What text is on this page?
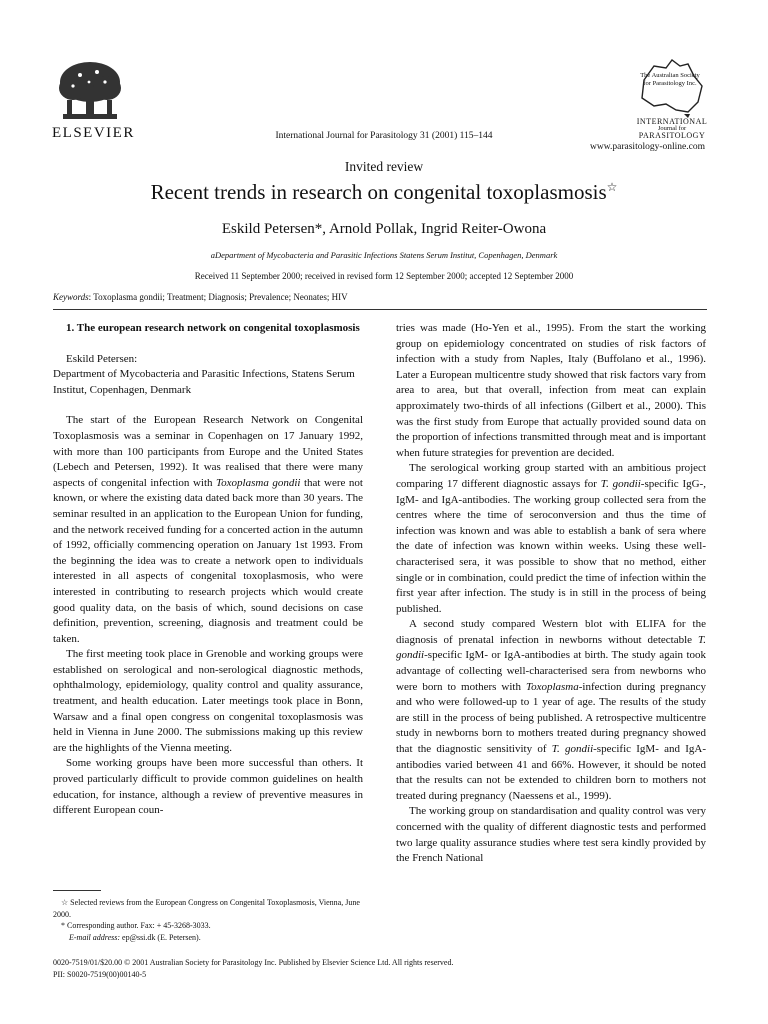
ELSEVIER	International Journal for Parasitology 31 (2001) 115–144
The Australian Society for Parasitology Inc.
INTERNATIONAL
Journal for
PARASITOLOGY
www.parasitology-online.com
Invited review
Recent trends in research on congenital toxoplasmosis☆
Eskild Petersen*, Arnold Pollak, Ingrid Reiter-Owona
aDepartment of Mycobacteria and Parasitic Infections Statens Serum Institut, Copenhagen, Denmark
Received 11 September 2000; received in revised form 12 September 2000; accepted 12 September 2000
Keywords: Toxoplasma gondii; Treatment; Diagnosis; Prevalence; Neonates; HIV

1. The european research network on congenital toxoplasmosis

Eskild Petersen:

Department of Mycobacteria and Parasitic Infections, Statens Serum Institut, Copenhagen, Denmark

The start of the European Research Network on Congenital Toxoplasmosis was a seminar in Copenhagen on 17 January 1992, with more than 100 participants from Europe and the United States (Lebech and Petersen, 1992). It was realised that there were many aspects of congenital infection with Toxoplasma gondii that were not known, or where the existing data dated back more than 30 years. The seminar resulted in an application to the European Union for funding, and the network received funding for a concerted action in the autumn of 1992, officially commencing operation on January 1st 1993. From the beginning the idea was to create a network open to individuals interested in all aspects of congenital toxoplasmosis, who were interested in contributing to research projects which would create good quality data, on the basis of which, sound decisions on case definition, prevention, screening, diagnosis and treatment could be taken.

The first meeting took place in Grenoble and working groups were established on serological and non-serological diagnostic methods, ophthalmology, epidemiology, quality control and quality assurance, treatment, and health education. Later meetings took place in Bonn, Warsaw and a final open congress on congenital toxoplasmosis was held in Vienna in June 2000. The submissions making up this review are the highlights of the Vienna meeting.

Some working groups have been more successful than others. It proved particularly difficult to provide common guidelines on health education, for instance, although a review of preventive measures in different European coun-

tries was made (Ho-Yen et al., 1995). From the start the working group on epidemiology concentrated on studies of risk factors of infection with a study from Naples, Italy (Buffolano et al., 1996). Later a European multicentre study showed that risk factors vary from area to area, but that overall, infection from meat can explain approximately two-thirds of all infections (Gilbert et al., 2000). This was the first study from Europe that actually provided sound data on the proportion of infections transmitted through meat and is important when future strategies for prevention are decided.

The serological working group started with an ambitious project comparing 17 different diagnostic assays for T. gondii-specific IgG-, IgM- and IgA-antibodies. The working group collected sera from the centres where the time of seroconversion and thus the time of infection was known and was able to establish a bank of sera where the date of infection was known within weeks. Using these well-characterised sera, it was possible to show that no method, either single or in combination, could predict the time of infection within the first year after infection. The study is in still in the process of being published.

A second study compared Western blot with ELIFA for the diagnosis of prenatal infection in newborns without detectable T. gondii-specific IgM- or IgA-antibodies at birth. The study again took advantage of collecting well-characterised sera from newborns who were born to mothers with Toxoplasma-infection during pregnancy and who were followed-up to 1 year of age. The results of the study are still in the process of being published. A retrospective multicentre study in newborns born to mothers treated during pregnancy showed that the diagnostic sensitivity of T. gondii-specific IgM- and IgA-antibodies varied between 41 and 66%. However, it should be noted that the results can not be extended to children born to mothers not treated during pregnancy (Naessens et al., 1999).

The working group on standardisation and quality control was very concerned with the quality of different diagnostic tests and performed two large quality assurance studies where test sera kindly provided by the French National

☆ Selected reviews from the European Congress on Congenital Toxoplasmosis, Vienna, June 2000.

* Corresponding author. Fax: + 45-3268-3033.

E-mail address: ep@ssi.dk (E. Petersen).

0020-7519/01/$20.00 © 2001 Australian Society for Parasitology Inc. Published by Elsevier Science Ltd. All rights reserved.
PII: S0020-7519(00)00140-5
